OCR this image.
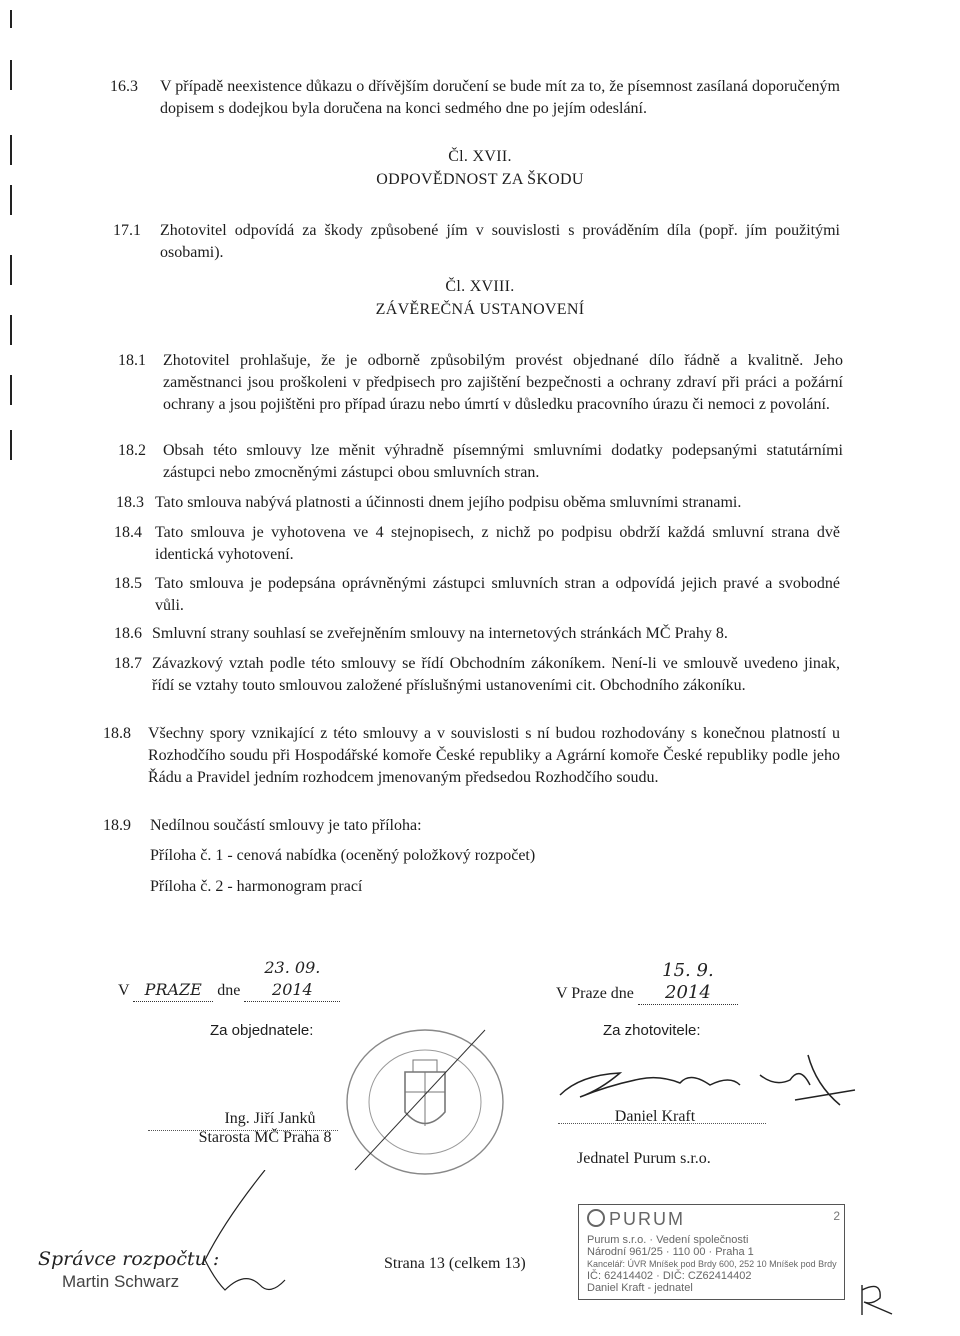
16.3 V případě neexistence důkazu o dřívějším doručení se bude mít za to, že písemnost zasílaná doporučeným dopisem s dodejkou byla doručena na konci sedmého dne po jejím odeslání.
Čl. XVII.
ODPOVĚDNOST ZA ŠKODU
17.1 Zhotovitel odpovídá za škody způsobené jím v souvislosti s prováděním díla (popř. jím použitými osobami).
Čl. XVIII.
ZÁVĚREČNÁ USTANOVENÍ
18.1 Zhotovitel prohlašuje, že je odborně způsobilým provést objednané dílo řádně a kvalitně. Jeho zaměstnanci jsou proškoleni v předpisech pro zajištění bezpečnosti a ochrany zdraví při práci a požární ochrany a jsou pojištěni pro případ úrazu nebo úmrtí v důsledku pracovního úrazu či nemoci z povolání.
18.2 Obsah této smlouvy lze měnit výhradně písemnými smluvními dodatky podepsanými statutárními zástupci nebo zmocněnými zástupci obou smluvních stran.
18.3 Tato smlouva nabývá platnosti a účinnosti dnem jejího podpisu oběma smluvními stranami.
18.4 Tato smlouva je vyhotovena ve 4 stejnopisech, z nichž po podpisu obdrží každá smluvní strana dvě identická vyhotovení.
18.5 Tato smlouva je podepsána oprávněnými zástupci smluvních stran a odpovídá jejich pravé a svobodné vůli.
18.6 Smluvní strany souhlasí se zveřejněním smlouvy na internetových stránkách MČ Prahy 8.
18.7 Závazkový vztah podle této smlouvy se řídí Obchodním zákoníkem. Není-li ve smlouvě uvedeno jinak, řídí se vztahy touto smlouvou založené příslušnými ustanoveními cit. Obchodního zákoníku.
18.8 Všechny spory vznikající z této smlouvy a v souvislosti s ní budou rozhodovány s konečnou platností u Rozhodčího soudu při Hospodářské komoře České republiky a Agrární komoře České republiky podle jeho Řádu a Pravidel jedním rozhodcem jmenovaným předsedou Rozhodčího soudu.
18.9 Nedílnou součástí smlouvy je tato příloha:
Příloha č. 1 - cenová nabídka (oceněný položkový rozpočet)
Příloha č. 2 - harmonogram prací
V PRAZE dne 23. 09. 2014	V Praze dne 15. 9. 2014
Za objednatele:	Za zhotovitele:
Ing. Jiří Janků
Starosta MČ Praha 8
Daniel Kraft
Jednatel Purum s.r.o.
Správce rozpočtu :
Martin Schwarz
Strana 13 (celkem 13)
2
PURUM
Purum s.r.o. · Vedení společnosti
Národní 961/25 · 110 00 · Praha 1
Kancelář: ÚVR Mníšek pod Brdy 600, 252 10 Mníšek pod Brdy
IČ: 62414402 · DIČ: CZ62414402
Daniel Kraft - jednatel
